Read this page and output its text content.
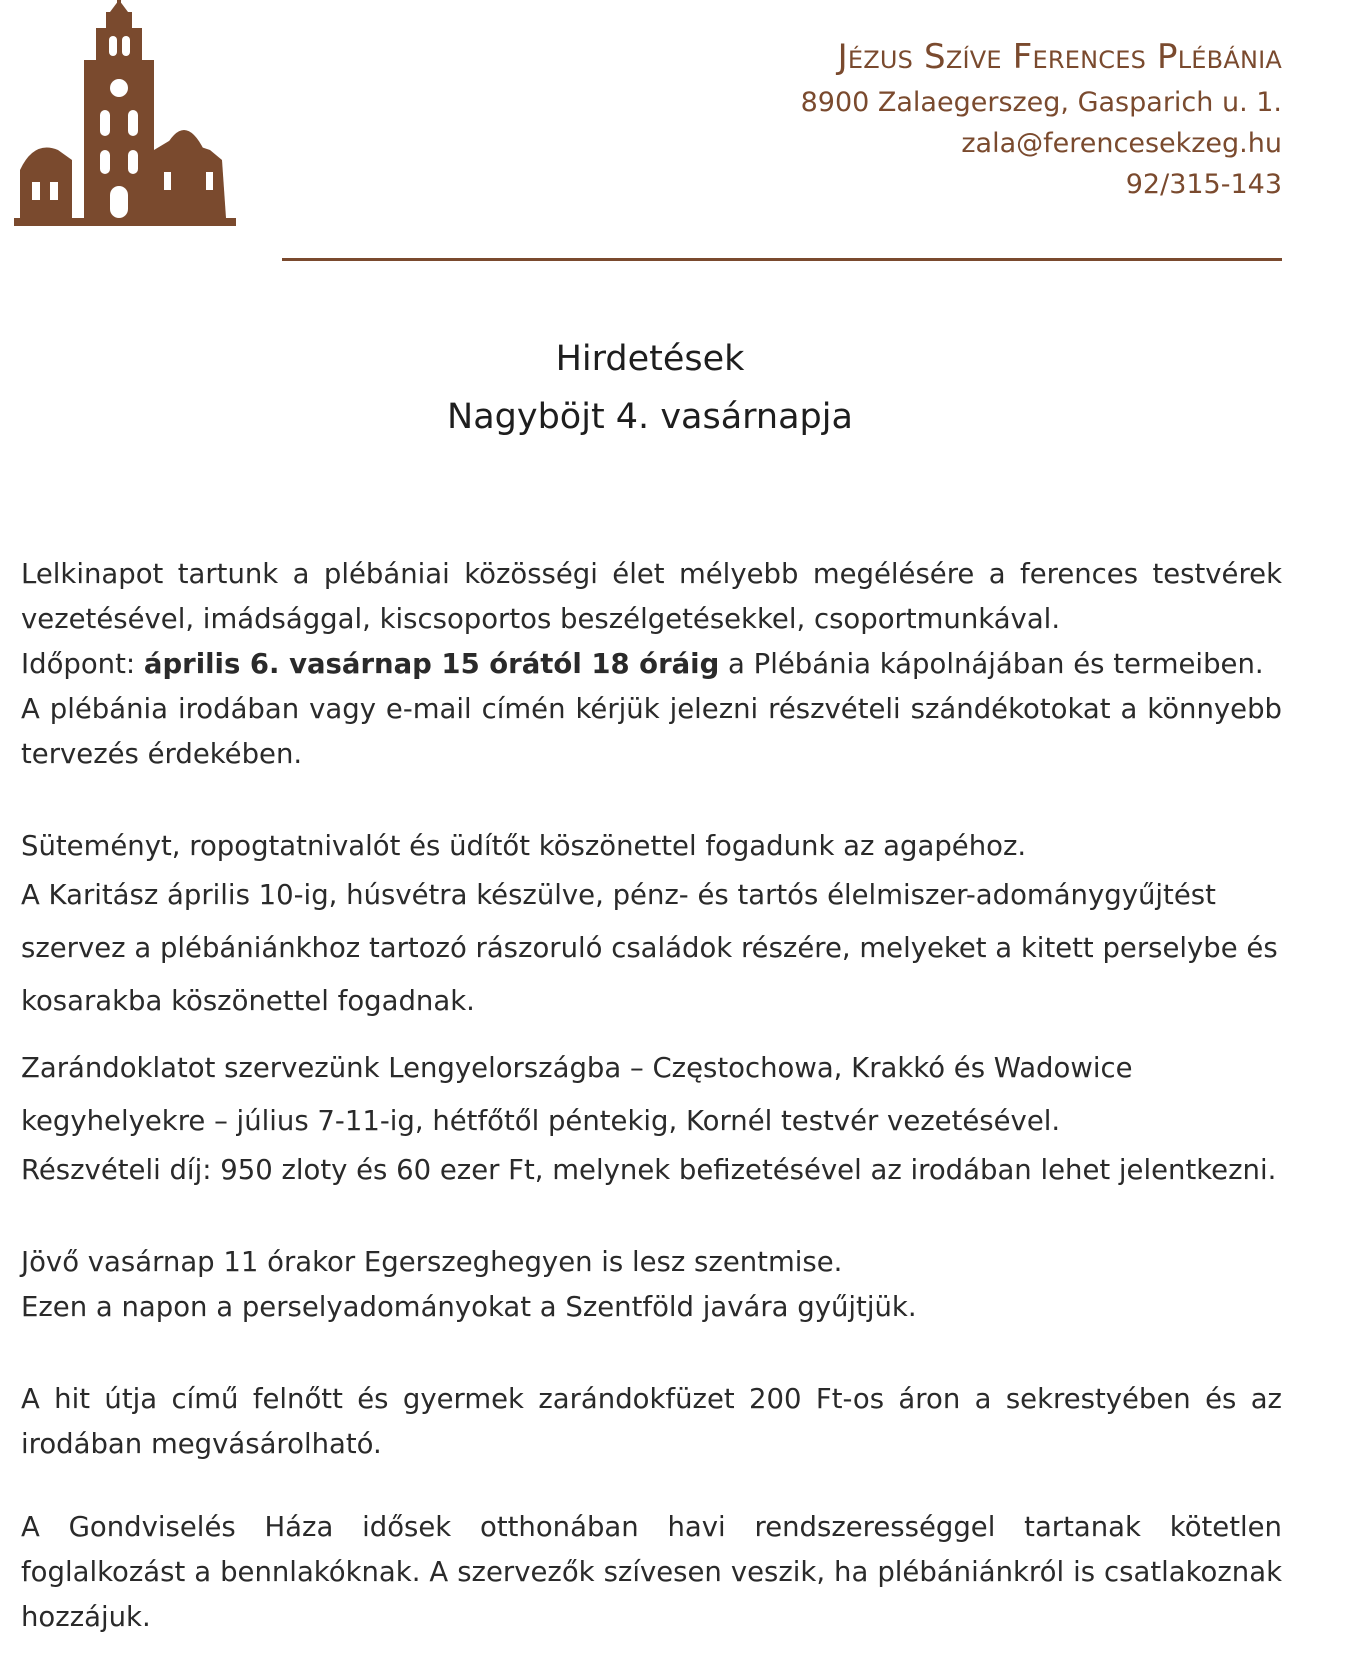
Jézus Szíve Ferences Plébánia
8900 Zalaegerszeg, Gasparich u. 1.
zala@ferencesekzeg.hu
92/315-143
Hirdetések
Nagyböjt 4. vasárnapja

Lelkinapot tartunk a plébániai közösségi élet mélyebb megélésére a ferences testvérek vezetésével, imádsággal, kiscsoportos beszélgetésekkel, csoportmunkával.

Időpont: április 6. vasárnap 15 órától 18 óráig a Plébánia kápolnájában és termeiben.

A plébánia irodában vagy e-mail címén kérjük jelezni részvételi szándékotokat a könnyebb tervezés érdekében.

Süteményt, ropogtatnivalót és üdítőt köszönettel fogadunk az agapéhoz.

A Karitász április 10-ig, húsvétra készülve, pénz- és tartós élelmiszer-adománygyűjtést szervez a plébániánkhoz tartozó rászoruló családok részére, melyeket a kitett perselybe és kosarakba köszönettel fogadnak.

Zarándoklatot szervezünk Lengyelországba – Częstochowa, Krakkó és Wadowice kegyhelyekre – július 7-11-ig, hétfőtől péntekig, Kornél testvér vezetésével.

Részvételi díj: 950 zloty és 60 ezer Ft, melynek befizetésével az irodában lehet jelentkezni.

Jövő vasárnap 11 órakor Egerszeghegyen is lesz szentmise.

Ezen a napon a perselyadományokat a Szentföld javára gyűjtjük.

A hit útja című felnőtt és gyermek zarándokfüzet 200 Ft-os áron a sekrestyében és az irodában megvásárolható.

A Gondviselés Háza idősek otthonában havi rendszerességgel tartanak kötetlen foglalkozást a bennlakóknak. A szervezők szívesen veszik, ha plébániánkról is csatlakoznak hozzájuk.
